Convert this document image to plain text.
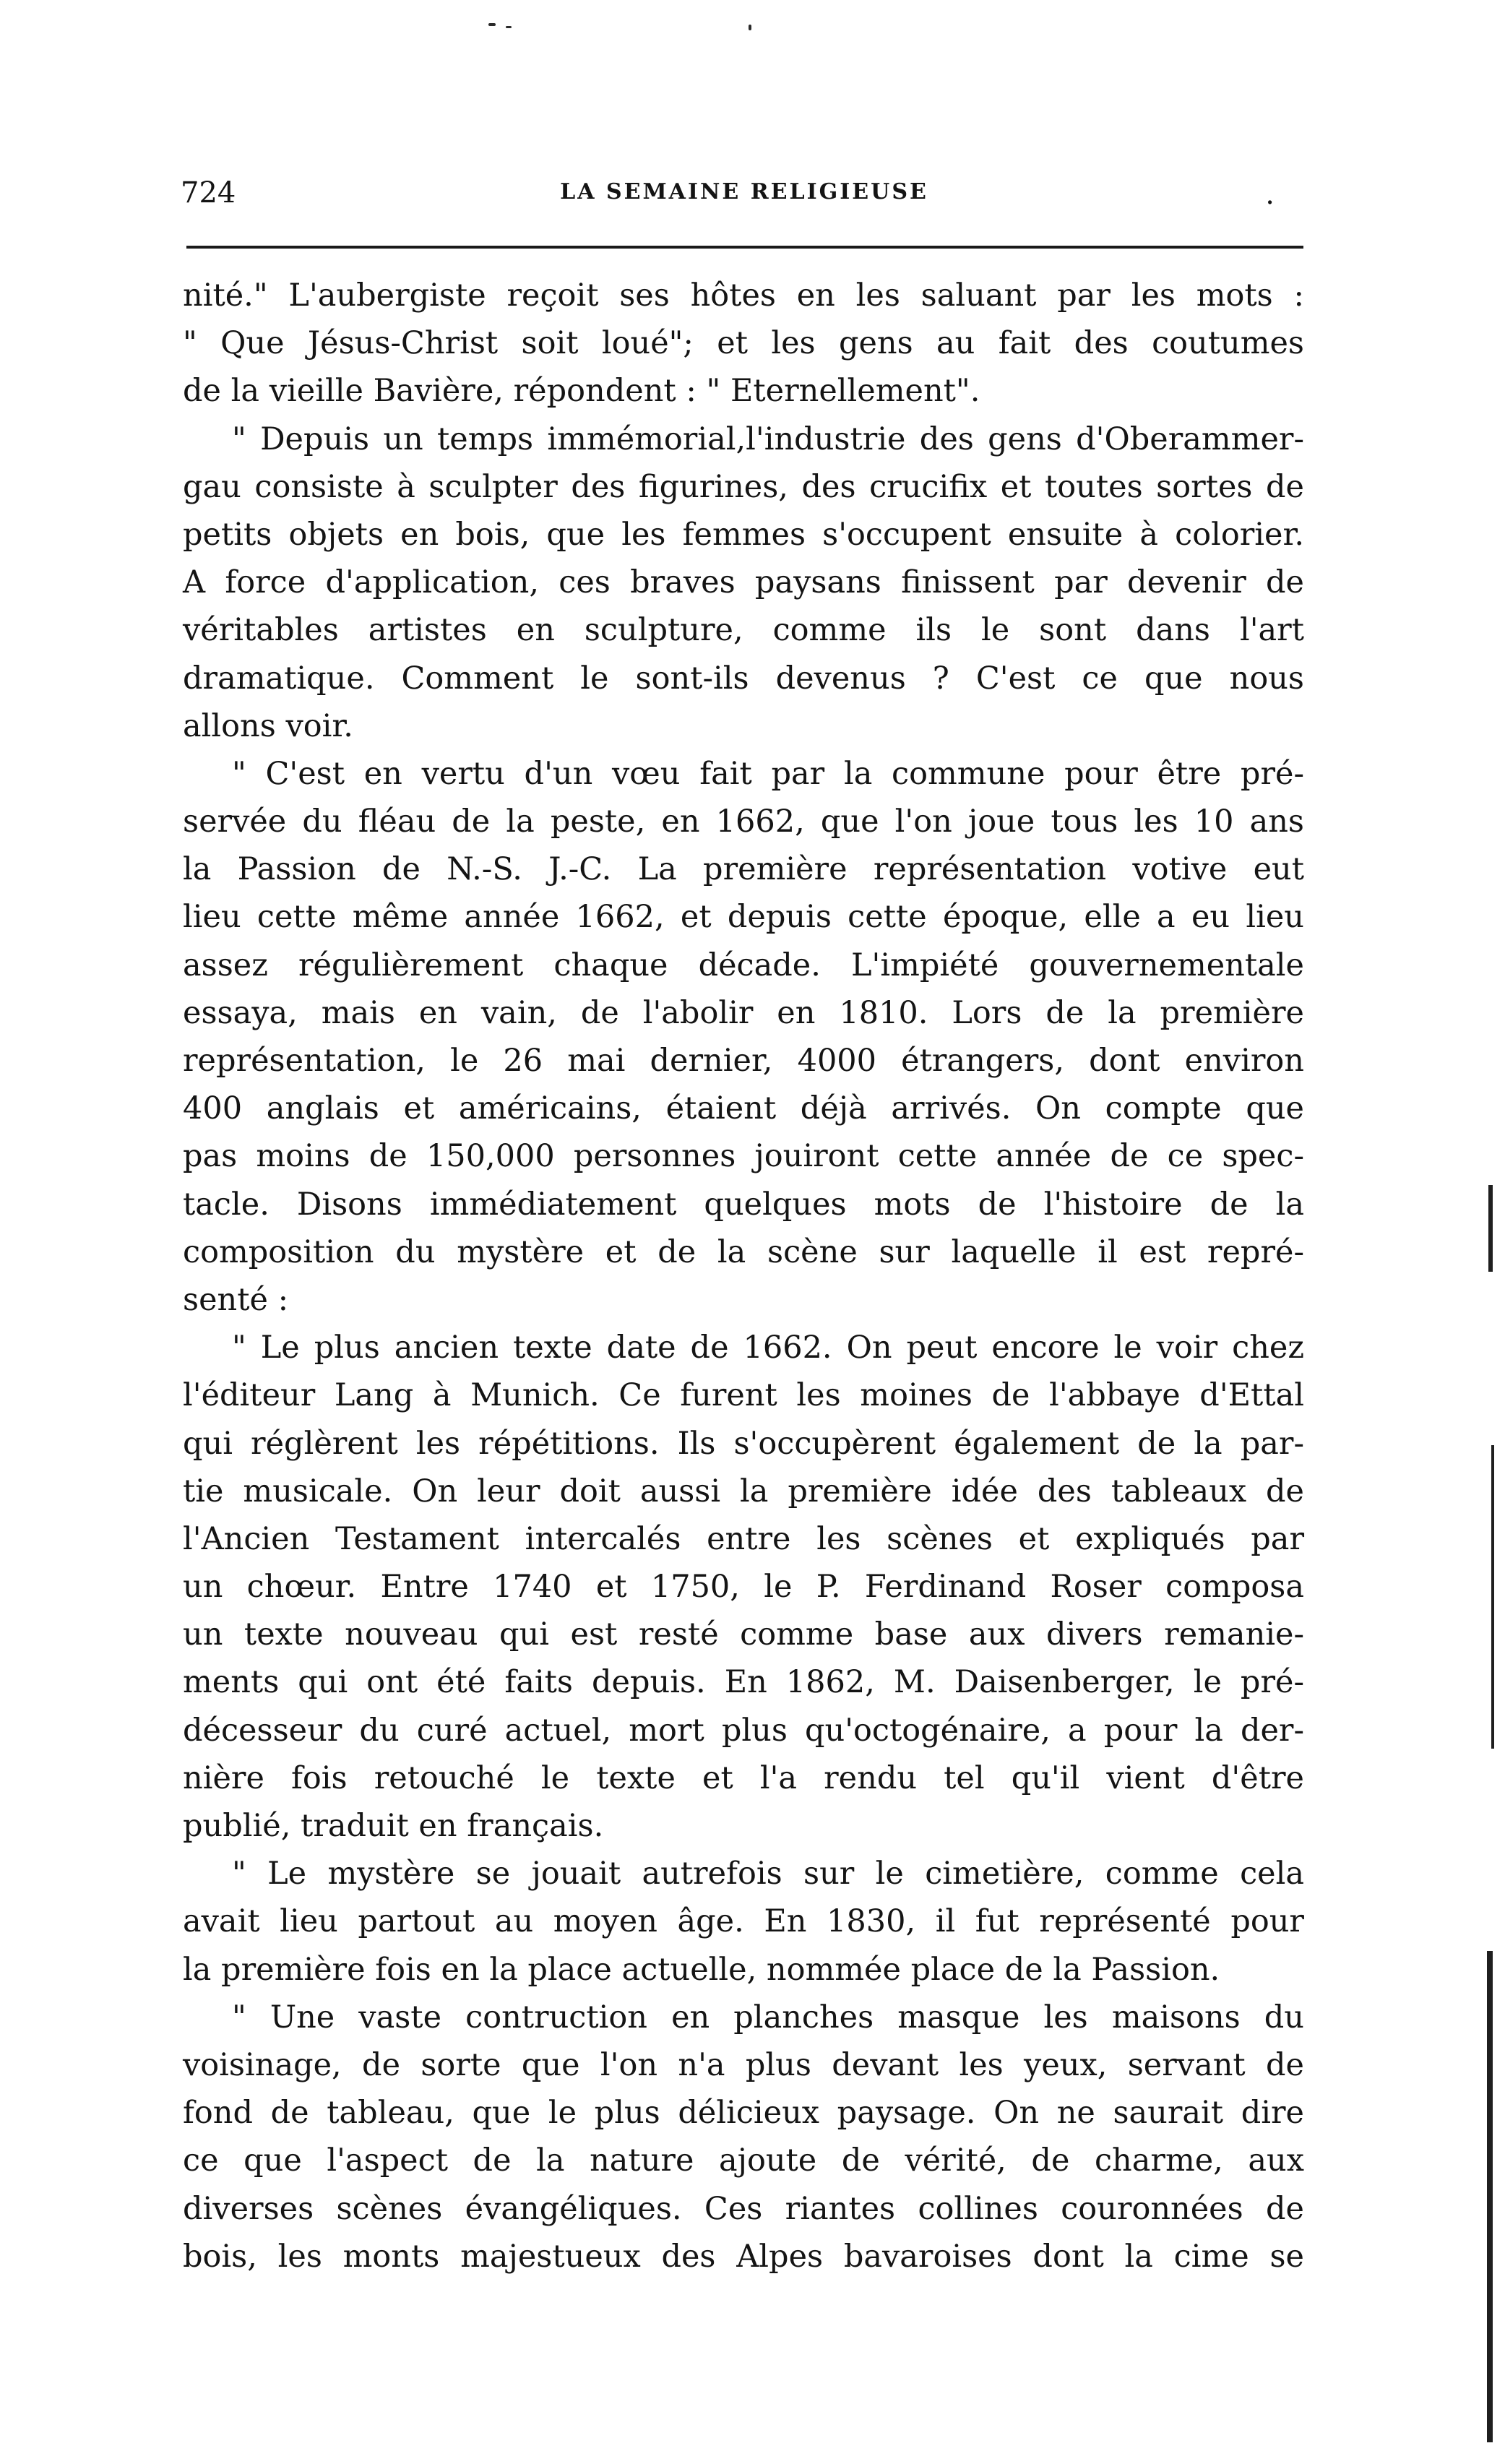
724	LA SEMAINE RELIGIEUSE	.
nité." L'aubergiste reçoit ses hôtes en les saluant par les mots :
" Que Jésus-Christ soit loué"; et les gens au fait des coutumes
de la vieille Bavière, répondent : " Eternellement".
" Depuis un temps immémorial,l'industrie des gens d'Oberammer-
gau consiste à sculpter des figurines, des crucifix et toutes sortes de
petits objets en bois, que les femmes s'occupent ensuite à colorier.
A force d'application, ces braves paysans finissent par devenir de
véritables artistes en sculpture, comme ils le sont dans l'art
dramatique. Comment le sont-ils devenus ? C'est ce que nous
allons voir.
" C'est en vertu d'un vœu fait par la commune pour être pré-
servée du fléau de la peste, en 1662, que l'on joue tous les 10 ans
la Passion de N.-S. J.-C. La première représentation votive eut
lieu cette même année 1662, et depuis cette époque, elle a eu lieu
assez régulièrement chaque décade. L'impiété gouvernementale
essaya, mais en vain, de l'abolir en 1810. Lors de la première
représentation, le 26 mai dernier, 4000 étrangers, dont environ
400 anglais et américains, étaient déjà arrivés. On compte que
pas moins de 150,000 personnes jouiront cette année de ce spec-
tacle. Disons immédiatement quelques mots de l'histoire de la
composition du mystère et de la scène sur laquelle il est repré-
senté :
" Le plus ancien texte date de 1662. On peut encore le voir chez
l'éditeur Lang à Munich. Ce furent les moines de l'abbaye d'Ettal
qui réglèrent les répétitions. Ils s'occupèrent également de la par-
tie musicale. On leur doit aussi la première idée des tableaux de
l'Ancien Testament intercalés entre les scènes et expliqués par
un chœur. Entre 1740 et 1750, le P. Ferdinand Roser composa
un texte nouveau qui est resté comme base aux divers remanie-
ments qui ont été faits depuis. En 1862, M. Daisenberger, le pré-
décesseur du curé actuel, mort plus qu'octogénaire, a pour la der-
nière fois retouché le texte et l'a rendu tel qu'il vient d'être
publié, traduit en français.
" Le mystère se jouait autrefois sur le cimetière, comme cela
avait lieu partout au moyen âge. En 1830, il fut représenté pour
la première fois en la place actuelle, nommée place de la Passion.
" Une vaste contruction en planches masque les maisons du
voisinage, de sorte que l'on n'a plus devant les yeux, servant de
fond de tableau, que le plus délicieux paysage. On ne saurait dire
ce que l'aspect de la nature ajoute de vérité, de charme, aux
diverses scènes évangéliques. Ces riantes collines couronnées de
bois, les monts majestueux des Alpes bavaroises dont la cime se
